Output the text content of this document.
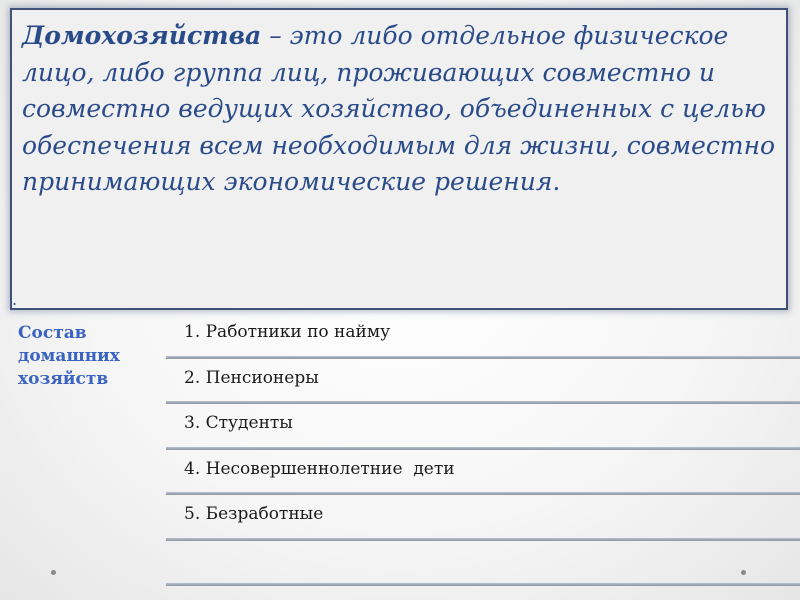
Домохозяйства – это либо отдельное физическое лицо, либо группа лиц, проживающих совместно и совместно ведущих хозяйство, объединенных с целью обеспечения всем необходимым для жизни, совместно принимающих экономические решения.

.

Состав домашних хозяйств

1. Работники по найму
2. Пенсионеры
3. Студенты
4. Несовершеннолетние  дети
5. Безработные
